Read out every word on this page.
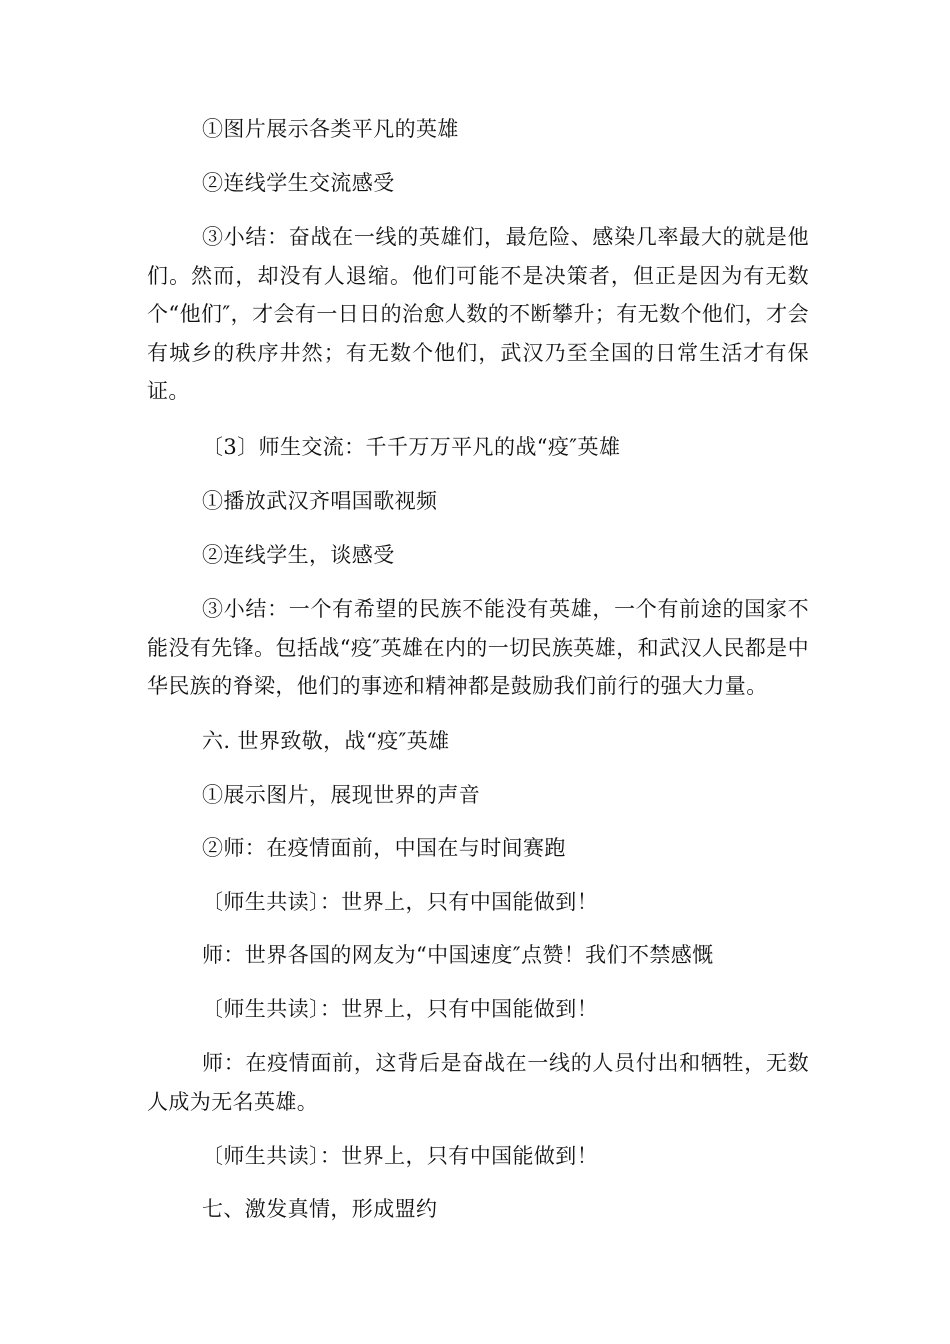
①图片展示各类平凡的英雄

②连线学生交流感受

③小结：奋战在一线的英雄们，最危险、感染几率最大的就是他们。然而，却没有人退缩。他们可能不是决策者，但正是因为有无数个“他们″，才会有一日日的治愈人数的不断攀升；有无数个他们，才会有城乡的秩序井然；有无数个他们，武汉乃至全国的日常生活才有保证。

〔3〕师生交流：千千万万平凡的战“疫″英雄

①播放武汉齐唱国歌视频

②连线学生，谈感受

③小结：一个有希望的民族不能没有英雄，一个有前途的国家不能没有先锋。包括战“疫″英雄在内的一切民族英雄，和武汉人民都是中华民族的脊梁，他们的事迹和精神都是鼓励我们前行的强大力量。

六. 世界致敬，战“疫″英雄

①展示图片，展现世界的声音

②师：在疫情面前，中国在与时间赛跑

〔师生共读〕：世界上，只有中国能做到！

师：世界各国的网友为“中国速度″点赞！我们不禁感慨

〔师生共读〕：世界上，只有中国能做到！

师：在疫情面前，这背后是奋战在一线的人员付出和牺牲，无数人成为无名英雄。

〔师生共读〕：世界上，只有中国能做到！

七、激发真情，形成盟约
